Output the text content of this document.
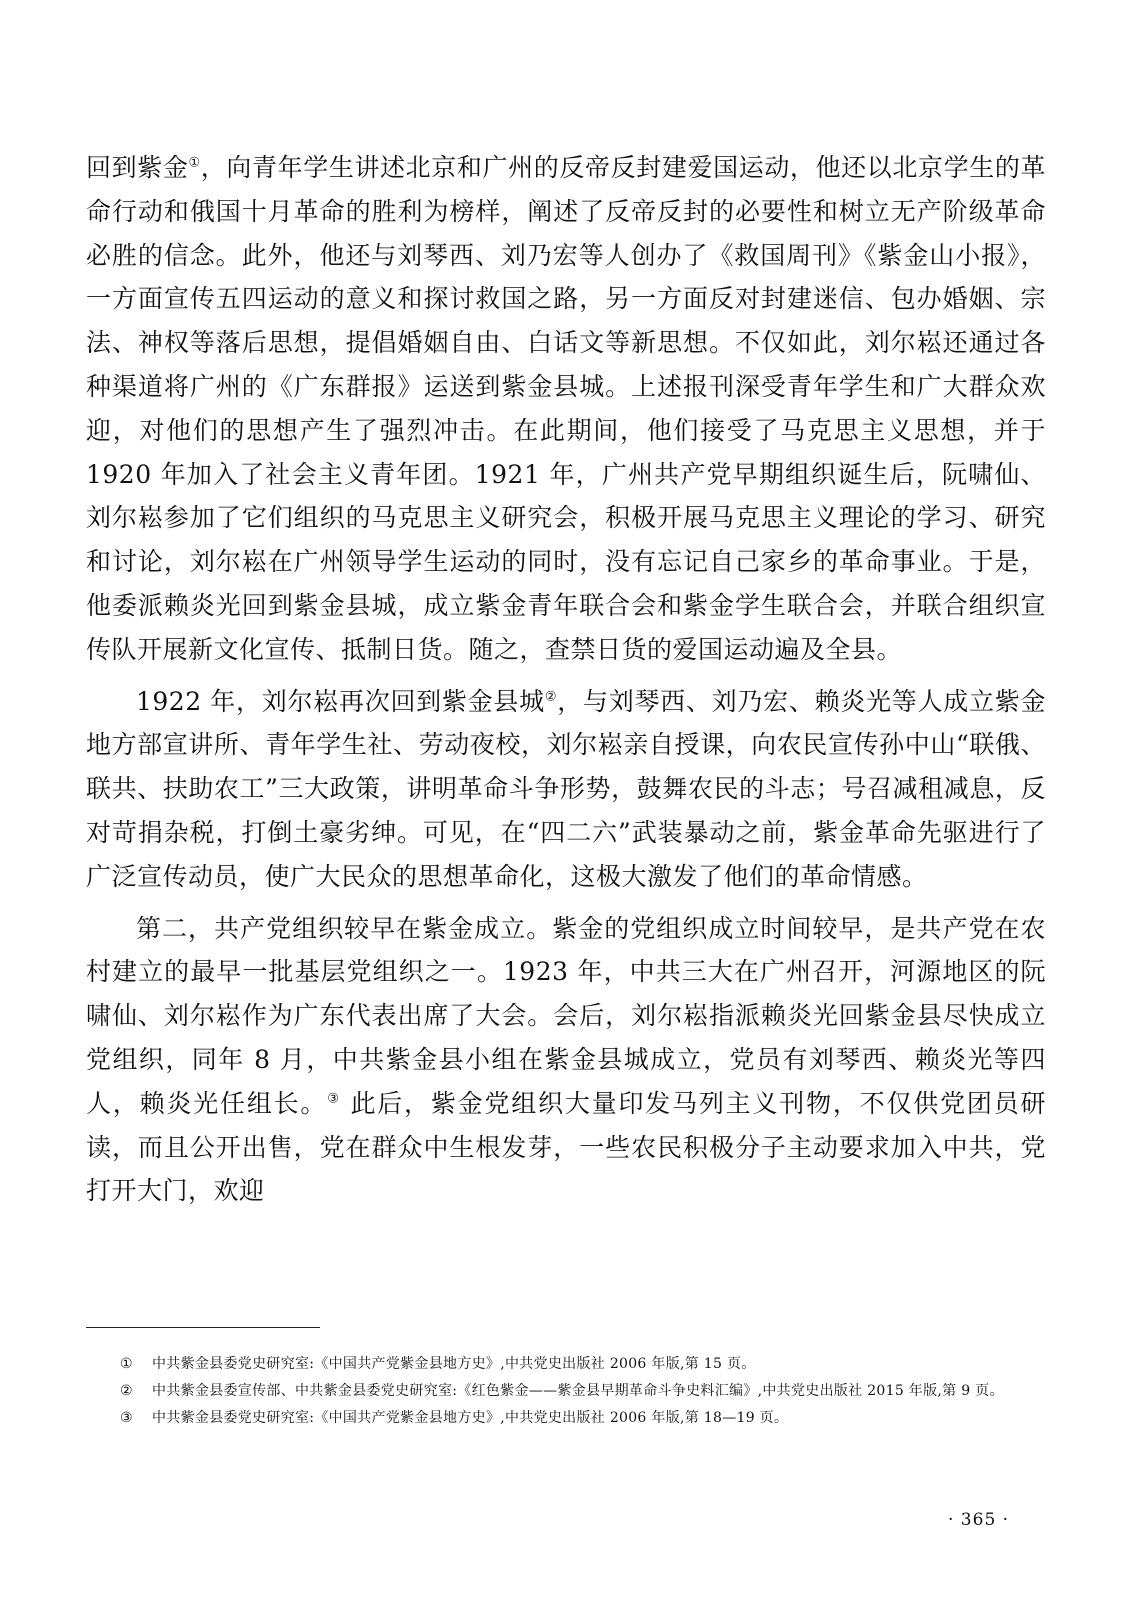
回到紫金①，向青年学生讲述北京和广州的反帝反封建爱国运动，他还以北京学生的革命行动和俄国十月革命的胜利为榜样，阐述了反帝反封的必要性和树立无产阶级革命必胜的信念。此外，他还与刘琴西、刘乃宏等人创办了《救国周刊》《紫金山小报》，一方面宣传五四运动的意义和探讨救国之路，另一方面反对封建迷信、包办婚姻、宗法、神权等落后思想，提倡婚姻自由、白话文等新思想。不仅如此，刘尔崧还通过各种渠道将广州的《广东群报》运送到紫金县城。上述报刊深受青年学生和广大群众欢迎，对他们的思想产生了强烈冲击。在此期间，他们接受了马克思主义思想，并于 1920 年加入了社会主义青年团。1921 年，广州共产党早期组织诞生后，阮啸仙、刘尔崧参加了它们组织的马克思主义研究会，积极开展马克思主义理论的学习、研究和讨论，刘尔崧在广州领导学生运动的同时，没有忘记自己家乡的革命事业。于是，他委派赖炎光回到紫金县城，成立紫金青年联合会和紫金学生联合会，并联合组织宣传队开展新文化宣传、抵制日货。随之，查禁日货的爱国运动遍及全县。

1922 年，刘尔崧再次回到紫金县城②，与刘琴西、刘乃宏、赖炎光等人成立紫金地方部宣讲所、青年学生社、劳动夜校，刘尔崧亲自授课，向农民宣传孙中山“联俄、联共、扶助农工”三大政策，讲明革命斗争形势，鼓舞农民的斗志；号召减租减息，反对苛捐杂税，打倒土豪劣绅。可见，在“四二六”武装暴动之前，紫金革命先驱进行了广泛宣传动员，使广大民众的思想革命化，这极大激发了他们的革命情感。

第二，共产党组织较早在紫金成立。紫金的党组织成立时间较早，是共产党在农村建立的最早一批基层党组织之一。1923 年，中共三大在广州召开，河源地区的阮啸仙、刘尔崧作为广东代表出席了大会。会后，刘尔崧指派赖炎光回紫金县尽快成立党组织，同年 8 月，中共紫金县小组在紫金县城成立，党员有刘琴西、赖炎光等四人，赖炎光任组长。③ 此后，紫金党组织大量印发马列主义刊物，不仅供党团员研读，而且公开出售，党在群众中生根发芽，一些农民积极分子主动要求加入中共，党打开大门，欢迎

① 中共紫金县委党史研究室:《中国共产党紫金县地方史》,中共党史出版社 2006 年版,第 15 页。

② 中共紫金县委宣传部、中共紫金县委党史研究室:《红色紫金——紫金县早期革命斗争史料汇编》,中共党史出版社 2015 年版,第 9 页。

③ 中共紫金县委党史研究室:《中国共产党紫金县地方史》,中共党史出版社 2006 年版,第 18—19 页。

· 365 ·
